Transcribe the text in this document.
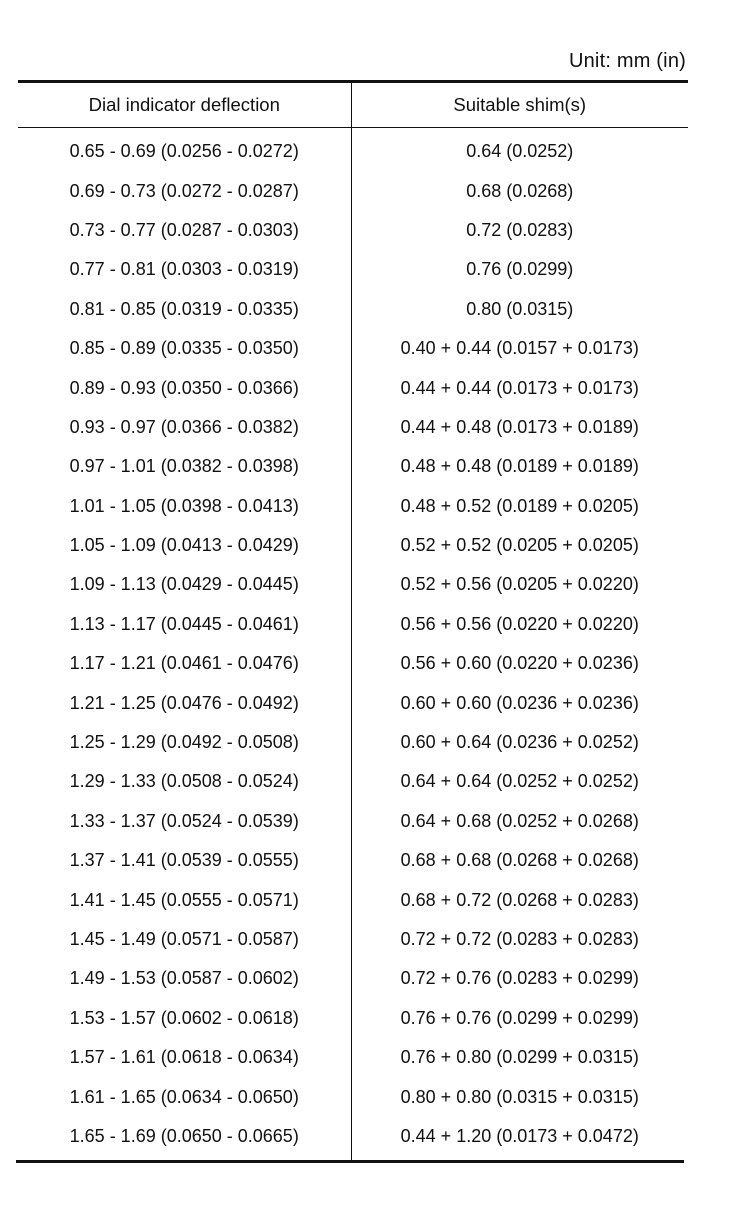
Unit: mm (in)
Dial indicator deflection	Suitable shim(s)
0.65 - 0.69 (0.0256 - 0.0272)	0.64 (0.0252)
0.69 - 0.73 (0.0272 - 0.0287)	0.68 (0.0268)
0.73 - 0.77 (0.0287 - 0.0303)	0.72 (0.0283)
0.77 - 0.81 (0.0303 - 0.0319)	0.76 (0.0299)
0.81 - 0.85 (0.0319 - 0.0335)	0.80 (0.0315)
0.85 - 0.89 (0.0335 - 0.0350)	0.40 + 0.44 (0.0157 + 0.0173)
0.89 - 0.93 (0.0350 - 0.0366)	0.44 + 0.44 (0.0173 + 0.0173)
0.93 - 0.97 (0.0366 - 0.0382)	0.44 + 0.48 (0.0173 + 0.0189)
0.97 - 1.01 (0.0382 - 0.0398)	0.48 + 0.48 (0.0189 + 0.0189)
1.01 - 1.05 (0.0398 - 0.0413)	0.48 + 0.52 (0.0189 + 0.0205)
1.05 - 1.09 (0.0413 - 0.0429)	0.52 + 0.52 (0.0205 + 0.0205)
1.09 - 1.13 (0.0429 - 0.0445)	0.52 + 0.56 (0.0205 + 0.0220)
1.13 - 1.17 (0.0445 - 0.0461)	0.56 + 0.56 (0.0220 + 0.0220)
1.17 - 1.21 (0.0461 - 0.0476)	0.56 + 0.60 (0.0220 + 0.0236)
1.21 - 1.25 (0.0476 - 0.0492)	0.60 + 0.60 (0.0236 + 0.0236)
1.25 - 1.29 (0.0492 - 0.0508)	0.60 + 0.64 (0.0236 + 0.0252)
1.29 - 1.33 (0.0508 - 0.0524)	0.64 + 0.64 (0.0252 + 0.0252)
1.33 - 1.37 (0.0524 - 0.0539)	0.64 + 0.68 (0.0252 + 0.0268)
1.37 - 1.41 (0.0539 - 0.0555)	0.68 + 0.68 (0.0268 + 0.0268)
1.41 - 1.45 (0.0555 - 0.0571)	0.68 + 0.72 (0.0268 + 0.0283)
1.45 - 1.49 (0.0571 - 0.0587)	0.72 + 0.72 (0.0283 + 0.0283)
1.49 - 1.53 (0.0587 - 0.0602)	0.72 + 0.76 (0.0283 + 0.0299)
1.53 - 1.57 (0.0602 - 0.0618)	0.76 + 0.76 (0.0299 + 0.0299)
1.57 - 1.61 (0.0618 - 0.0634)	0.76 + 0.80 (0.0299 + 0.0315)
1.61 - 1.65 (0.0634 - 0.0650)	0.80 + 0.80 (0.0315 + 0.0315)
1.65 - 1.69 (0.0650 - 0.0665)	0.44 + 1.20 (0.0173 + 0.0472)
